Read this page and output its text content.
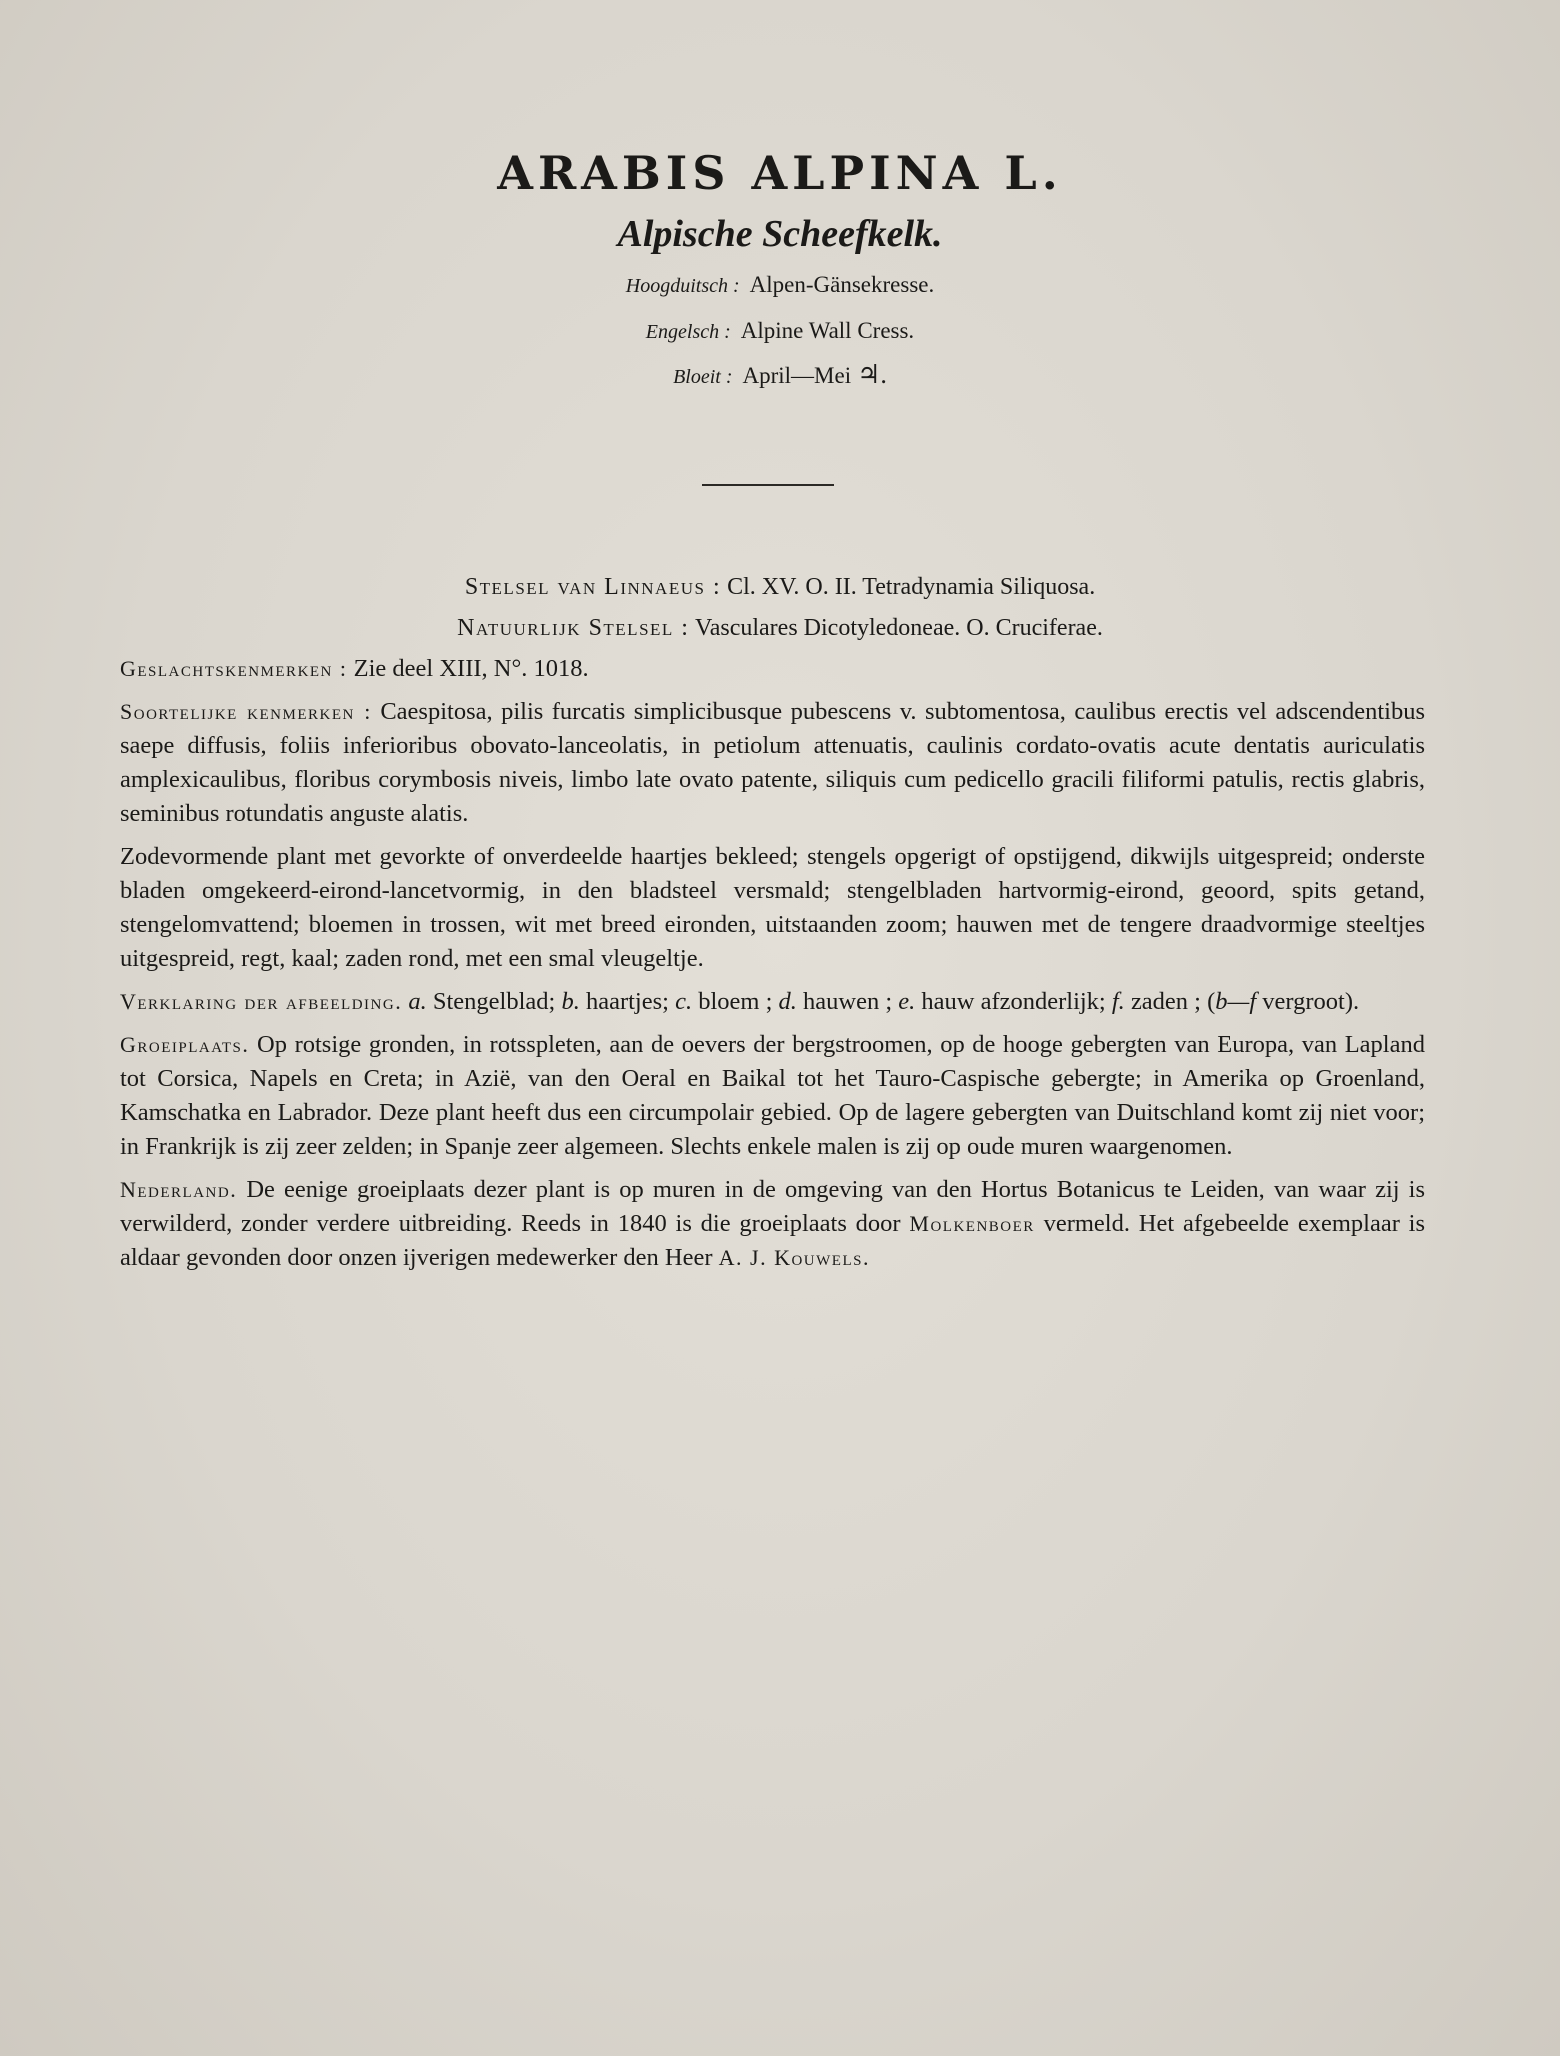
ARABIS ALPINA L.
Alpische Scheefkelk.
Hoogduitsch : Alpen-Gänsekresse.
Engelsch : Alpine Wall Cress.
Bloeit : April—Mei ♃.
Stelsel van Linnaeus : Cl. XV. O. II. Tetradynamia Siliquosa.
Natuurlijk Stelsel : Vasculares Dicotyledoneae. O. Cruciferae.

Geslachtskenmerken : Zie deel XIII, N°. 1018.

Soortelijke kenmerken : Caespitosa, pilis furcatis simplicibusque pubescens v. subtomentosa, caulibus erectis vel adscendentibus saepe diffusis, foliis inferioribus obovato-lanceolatis, in petiolum attenuatis, caulinis cordato-ovatis acute dentatis auriculatis amplexicaulibus, floribus corymbosis niveis, limbo late ovato patente, siliquis cum pedicello gracili filiformi patulis, rectis glabris, seminibus rotundatis anguste alatis.

Zodevormende plant met gevorkte of onverdeelde haartjes bekleed; stengels opgerigt of opstijgend, dikwijls uitgespreid; onderste bladen omgekeerd-eirond-lancetvormig, in den bladsteel versmald; stengelbladen hartvormig-eirond, geoord, spits getand, stengelomvattend; bloemen in trossen, wit met breed eironden, uitstaanden zoom; hauwen met de tengere draadvormige steeltjes uitgespreid, regt, kaal; zaden rond, met een smal vleugeltje.

Verklaring der afbeelding. a. Stengelblad; b. haartjes; c. bloem ; d. hauwen ; e. hauw afzonderlijk; f. zaden ; (b—f vergroot).

Groeiplaats. Op rotsige gronden, in rotsspleten, aan de oevers der bergstroomen, op de hooge gebergten van Europa, van Lapland tot Corsica, Napels en Creta; in Azië, van den Oeral en Baikal tot het Tauro-Caspische gebergte; in Amerika op Groenland, Kamschatka en Labrador. Deze plant heeft dus een circumpolair gebied. Op de lagere gebergten van Duitschland komt zij niet voor; in Frankrijk is zij zeer zelden; in Spanje zeer algemeen. Slechts enkele malen is zij op oude muren waargenomen.

Nederland. De eenige groeiplaats dezer plant is op muren in de omgeving van den Hortus Botanicus te Leiden, van waar zij is verwilderd, zonder verdere uitbreiding. Reeds in 1840 is die groeiplaats door Molkenboer vermeld. Het afgebeelde exemplaar is aldaar gevonden door onzen ijverigen medewerker den Heer A. J. Kouwels.
